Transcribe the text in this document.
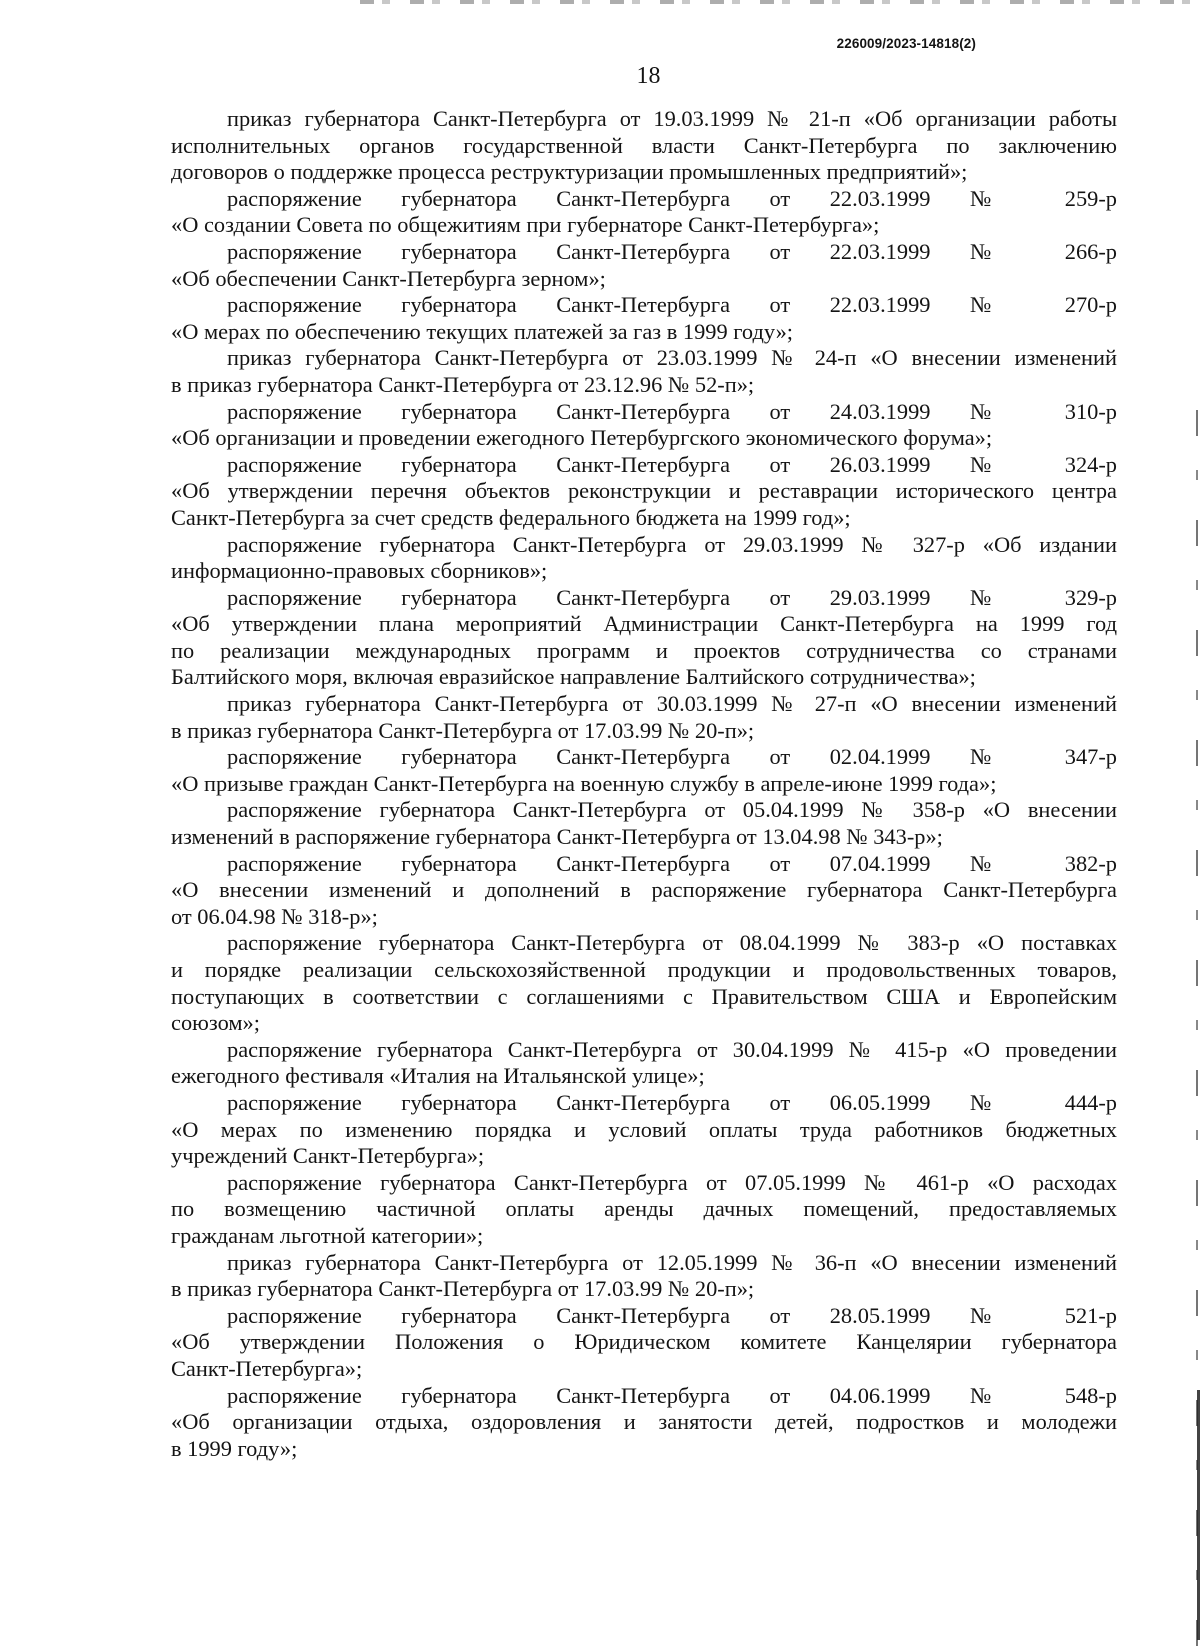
226009/2023-14818(2)
18
приказ губернатора Санкт-Петербурга от 19.03.1999 № 21-п «Об организации работы
исполнительных органов государственной власти Санкт-Петербурга по заключению
договоров о поддержке процесса реструктуризации промышленных предприятий»;
распоряжение губернатора Санкт-Петербурга от 22.03.1999 № 259-р
«О создании Совета по общежитиям при губернаторе Санкт-Петербурга»;
распоряжение губернатора Санкт-Петербурга от 22.03.1999 № 266-р
«Об обеспечении Санкт-Петербурга зерном»;
распоряжение губернатора Санкт-Петербурга от 22.03.1999 № 270-р
«О мерах по обеспечению текущих платежей за газ в 1999 году»;
приказ губернатора Санкт-Петербурга от 23.03.1999 № 24-п «О внесении изменений
в приказ губернатора Санкт-Петербурга от 23.12.96 № 52-п»;
распоряжение губернатора Санкт-Петербурга от 24.03.1999 № 310-р
«Об организации и проведении ежегодного Петербургского экономического форума»;
распоряжение губернатора Санкт-Петербурга от 26.03.1999 № 324-р
«Об утверждении перечня объектов реконструкции и реставрации исторического центра
Санкт-Петербурга за счет средств федерального бюджета на 1999 год»;
распоряжение губернатора Санкт-Петербурга от 29.03.1999 № 327-р «Об издании
информационно-правовых сборников»;
распоряжение губернатора Санкт-Петербурга от 29.03.1999 № 329-р
«Об утверждении плана мероприятий Администрации Санкт-Петербурга на 1999 год
по реализации международных программ и проектов сотрудничества со странами
Балтийского моря, включая евразийское направление Балтийского сотрудничества»;
приказ губернатора Санкт-Петербурга от 30.03.1999 № 27-п «О внесении изменений
в приказ губернатора Санкт-Петербурга от 17.03.99 № 20-п»;
распоряжение губернатора Санкт-Петербурга от 02.04.1999 № 347-р
«О призыве граждан Санкт-Петербурга на военную службу в апреле-июне 1999 года»;
распоряжение губернатора Санкт-Петербурга от 05.04.1999 № 358-р «О внесении
изменений в распоряжение губернатора Санкт-Петербурга от 13.04.98 № 343-р»;
распоряжение губернатора Санкт-Петербурга от 07.04.1999 № 382-р
«О внесении изменений и дополнений в распоряжение губернатора Санкт-Петербурга
от 06.04.98 № 318-р»;
распоряжение губернатора Санкт-Петербурга от 08.04.1999 № 383-р «О поставках
и порядке реализации сельскохозяйственной продукции и продовольственных товаров,
поступающих в соответствии с соглашениями с Правительством США и Европейским
союзом»;
распоряжение губернатора Санкт-Петербурга от 30.04.1999 № 415-р «О проведении
ежегодного фестиваля «Италия на Итальянской улице»;
распоряжение губернатора Санкт-Петербурга от 06.05.1999 № 444-р
«О мерах по изменению порядка и условий оплаты труда работников бюджетных
учреждений Санкт-Петербурга»;
распоряжение губернатора Санкт-Петербурга от 07.05.1999 № 461-р «О расходах
по возмещению частичной оплаты аренды дачных помещений, предоставляемых
гражданам льготной категории»;
приказ губернатора Санкт-Петербурга от 12.05.1999 № 36-п «О внесении изменений
в приказ губернатора Санкт-Петербурга от 17.03.99 № 20-п»;
распоряжение губернатора Санкт-Петербурга от 28.05.1999 № 521-р
«Об утверждении Положения о Юридическом комитете Канцелярии губернатора
Санкт-Петербурга»;
распоряжение губернатора Санкт-Петербурга от 04.06.1999 № 548-р
«Об организации отдыха, оздоровления и занятости детей, подростков и молодежи
в 1999 году»;
